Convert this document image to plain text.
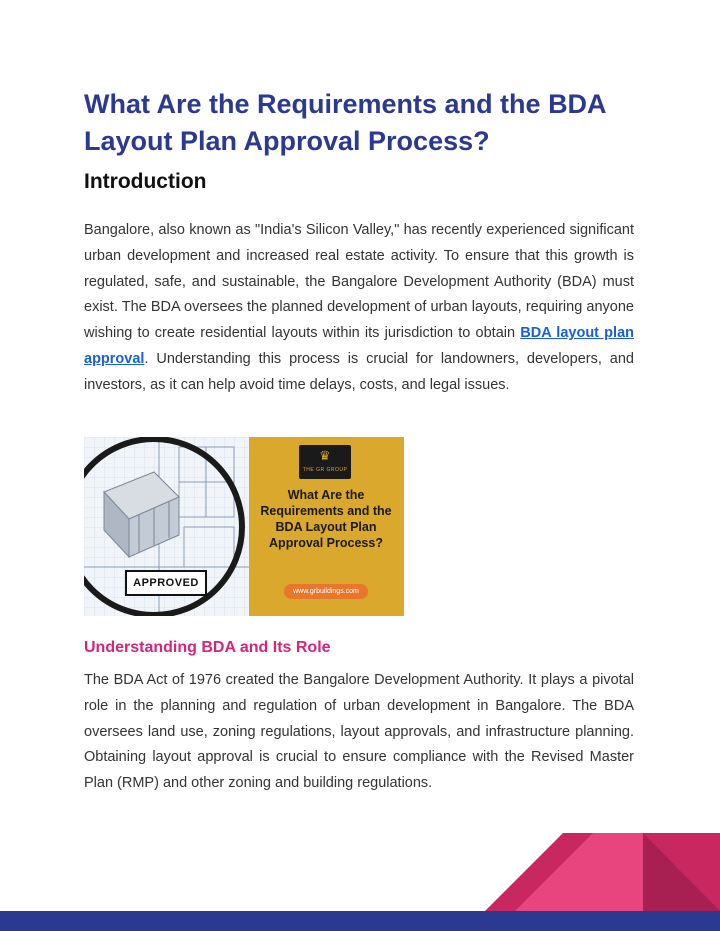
What Are the Requirements and the BDA Layout Plan Approval Process?
Introduction

Bangalore, also known as "India's Silicon Valley," has recently experienced significant urban development and increased real estate activity. To ensure that this growth is regulated, safe, and sustainable, the Bangalore Development Authority (BDA) must exist. The BDA oversees the planned development of urban layouts, requiring anyone wishing to create residential layouts within its jurisdiction to obtain BDA layout plan approval. Understanding this process is crucial for landowners, developers, and investors, as it can help avoid time delays, costs, and legal issues.

♛
THE GR GROUP
What Are the Requirements and the BDA Layout Plan Approval Process?
www.grbuildings.com
APPROVED
Understanding BDA and Its Role

The BDA Act of 1976 created the Bangalore Development Authority. It plays a pivotal role in the planning and regulation of urban development in Bangalore. The BDA oversees land use, zoning regulations, layout approvals, and infrastructure planning. Obtaining layout approval is crucial to ensure compliance with the Revised Master Plan (RMP) and other zoning and building regulations.
